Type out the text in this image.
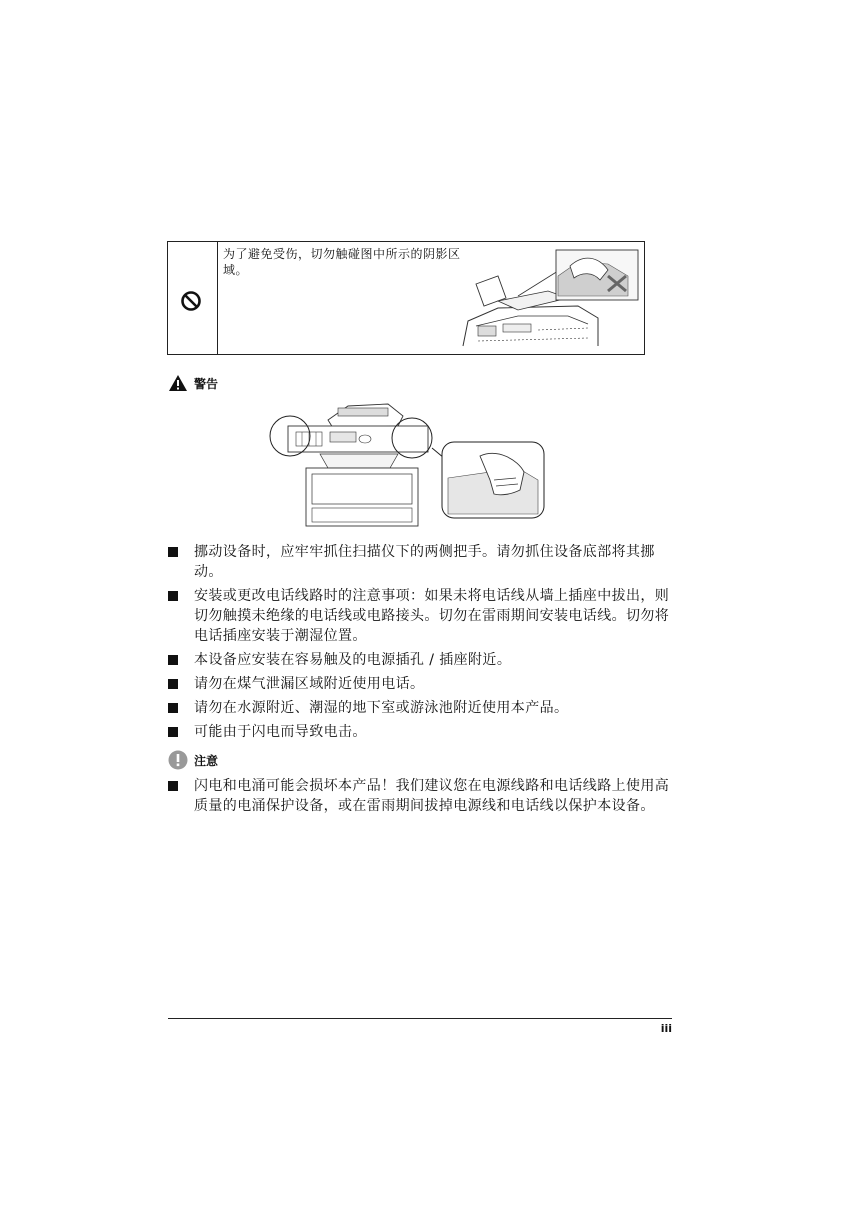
为了避免受伤，切勿触碰图中所示的阴影区域。
警告
挪动设备时，应牢牢抓住扫描仪下的两侧把手。请勿抓住设备底部将其挪动。
安装或更改电话线路时的注意事项：如果未将电话线从墙上插座中拔出，则切勿触摸未绝缘的电话线或电路接头。切勿在雷雨期间安装电话线。切勿将电话插座安装于潮湿位置。
本设备应安装在容易触及的电源插孔 / 插座附近。
请勿在煤气泄漏区域附近使用电话。
请勿在水源附近、潮湿的地下室或游泳池附近使用本产品。
可能由于闪电而导致电击。
注意
闪电和电涌可能会损坏本产品！我们建议您在电源线路和电话线路上使用高质量的电涌保护设备，或在雷雨期间拔掉电源线和电话线以保护本设备。
iii
